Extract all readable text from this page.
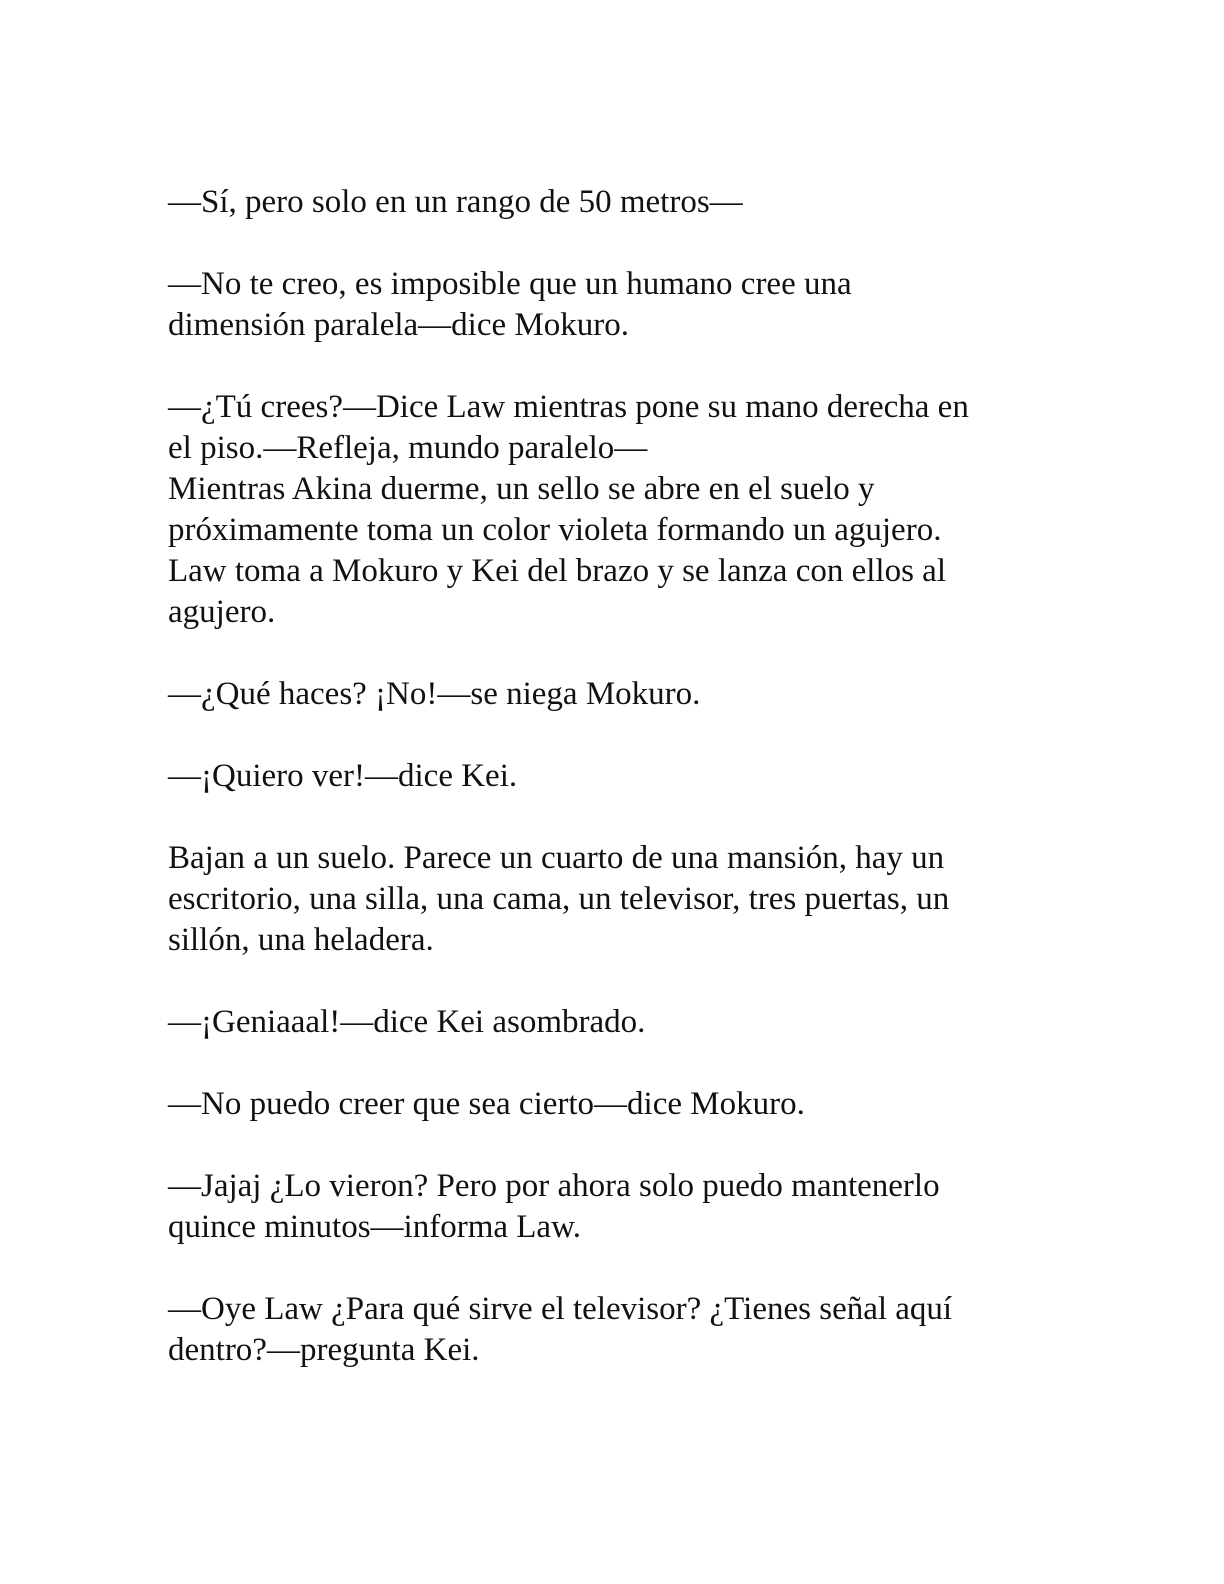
—Sí, pero solo en un rango de 50 metros—

—No te creo, es imposible que un humano cree una
dimensión paralela—dice Mokuro.

—¿Tú crees?—Dice Law mientras pone su mano derecha en
el piso.—Refleja, mundo paralelo—

Mientras Akina duerme, un sello se abre en el suelo y
próximamente toma un color violeta formando un agujero.
Law toma a Mokuro y Kei del brazo y se lanza con ellos al
agujero.

—¿Qué haces? ¡No!—se niega Mokuro.

—¡Quiero ver!—dice Kei.

Bajan a un suelo. Parece un cuarto de una mansión, hay un
escritorio, una silla, una cama, un televisor, tres puertas, un
sillón, una heladera.

—¡Geniaaal!—dice Kei asombrado.

—No puedo creer que sea cierto—dice Mokuro.

—Jajaj ¿Lo vieron? Pero por ahora solo puedo mantenerlo
quince minutos—informa Law.

—Oye Law ¿Para qué sirve el televisor? ¿Tienes señal aquí
dentro?—pregunta Kei.
